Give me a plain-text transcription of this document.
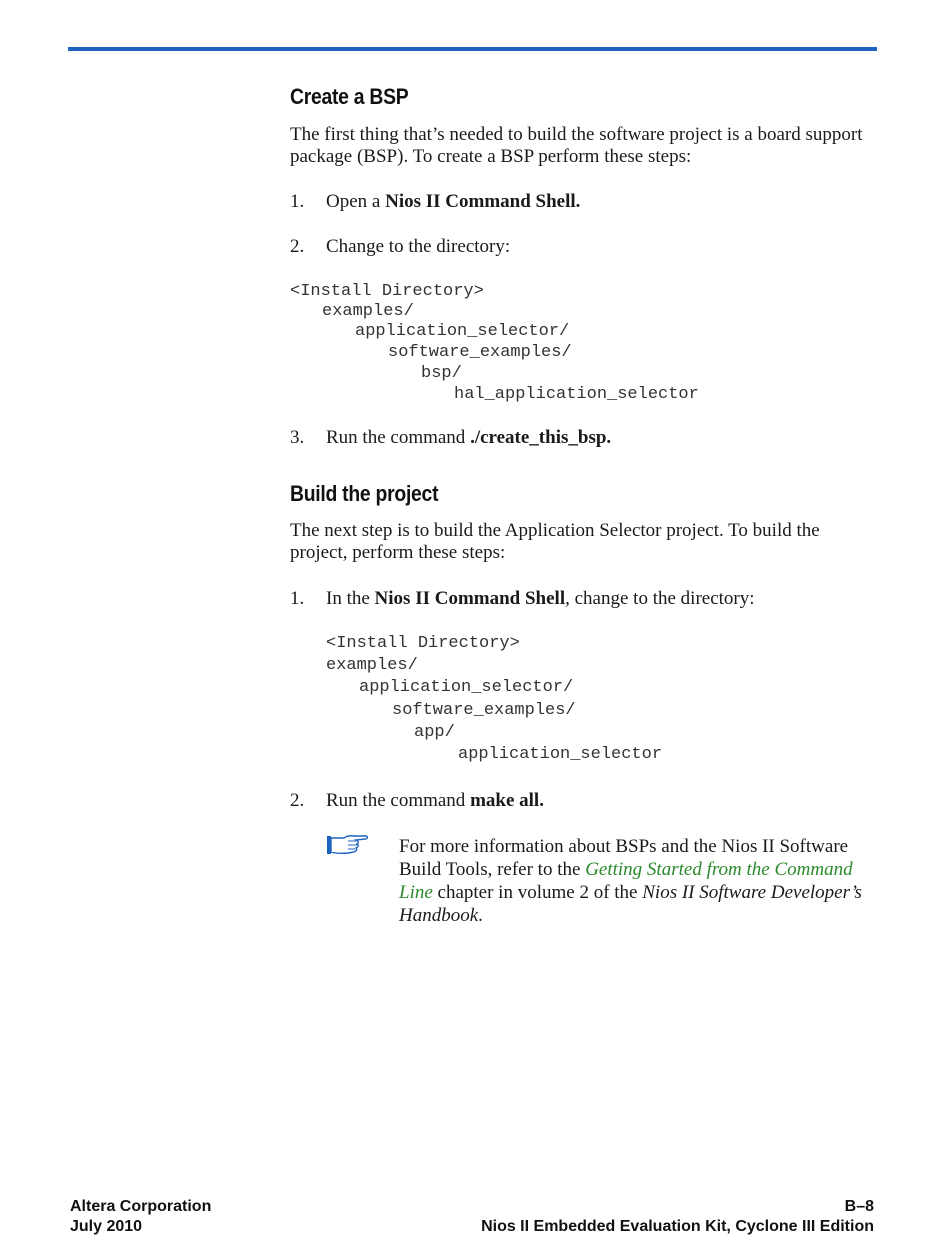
Create a BSP

The first thing that’s needed to build the software project is a board support package (BSP). To create a BSP perform these steps:

1. Open a Nios II Command Shell.
2. Change to the directory:
<Install Directory>
examples/
application_selector/
software_examples/
bsp/
hal_application_selector
3. Run the command ./create_this_bsp.
Build the project

The next step is to build the Application Selector project. To build the project, perform these steps:

1. In the Nios II Command Shell, change to the directory:
<Install Directory>
examples/
application_selector/
software_examples/
app/
application_selector
2. Run the command make all.
For more information about BSPs and the Nios II Software Build Tools, refer to the Getting Started from the Command Line chapter in volume 2 of the Nios II Software Developer’s Handbook.
Altera Corporation
July 2010
B–8
Nios II Embedded Evaluation Kit, Cyclone III Edition
